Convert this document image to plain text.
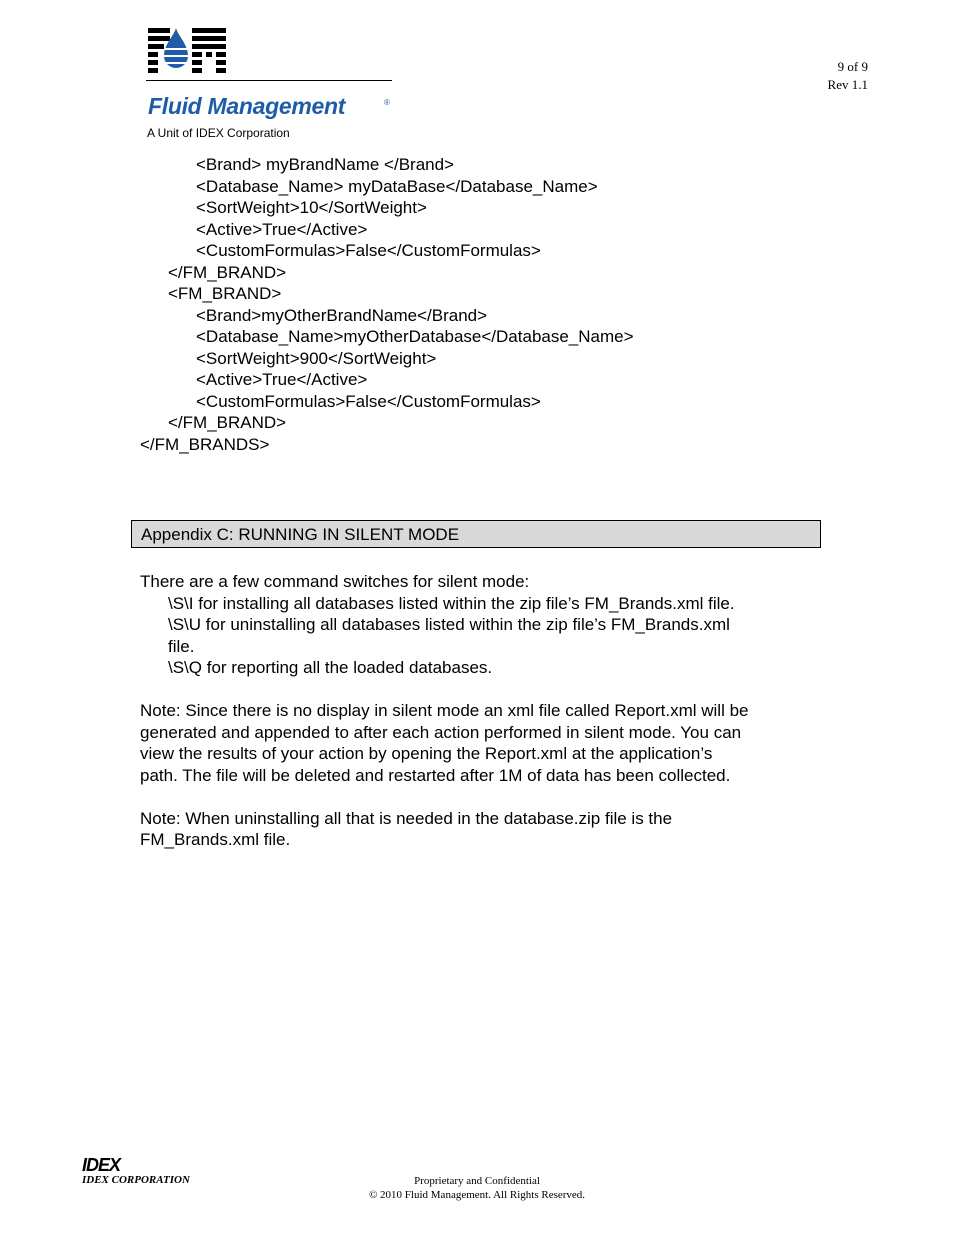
Fluid Management	®
A Unit of IDEX Corporation
9 of 9
Rev 1.1
<Brand> myBrandName </Brand>
<Database_Name> myDataBase</Database_Name>
<SortWeight>10</SortWeight>
<Active>True</Active>
<CustomFormulas>False</CustomFormulas>
</FM_BRAND>
<FM_BRAND>
<Brand>myOtherBrandName</Brand>
<Database_Name>myOtherDatabase</Database_Name>
<SortWeight>900</SortWeight>
<Active>True</Active>
<CustomFormulas>False</CustomFormulas>
</FM_BRAND>
</FM_BRANDS>
Appendix C: RUNNING IN SILENT MODE
There are a few command switches for silent mode:
\S\I for installing all databases listed within the zip file’s FM_Brands.xml file.
\S\U for uninstalling all databases listed within the zip file’s FM_Brands.xml
file.
\S\Q for reporting all the loaded databases.
Note: Since there is no display in silent mode an xml file called Report.xml will be
generated and appended to after each action performed in silent mode. You can
view the results of your action by opening the Report.xml at the application’s
path. The file will be deleted and restarted after 1M of data has been collected.
Note: When uninstalling all that is needed in the database.zip file is the
FM_Brands.xml file.
IDEX
IDEX CORPORATION	Proprietary and Confidential
© 2010 Fluid Management. All Rights Reserved.
